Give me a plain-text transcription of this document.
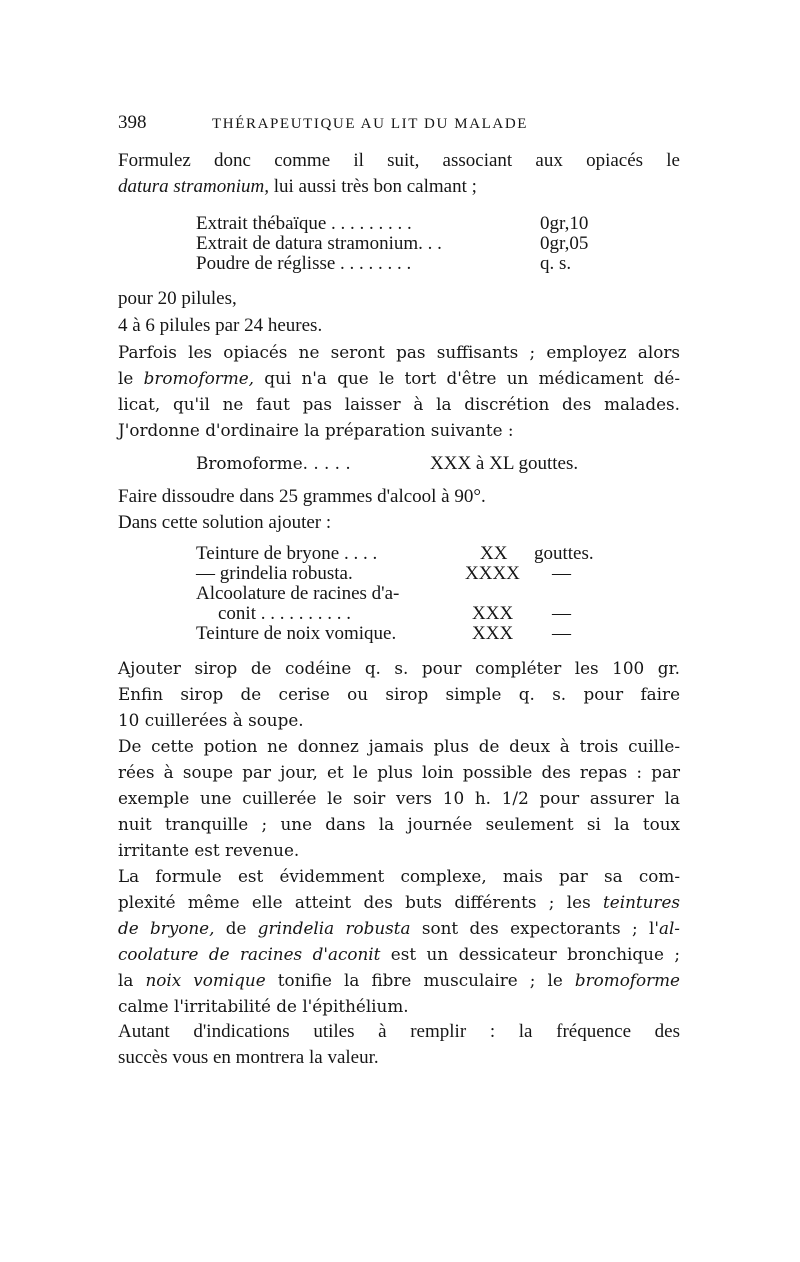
398	THÉRAPEUTIQUE AU LIT DU MALADE
Formulez donc comme il suit, associant aux opiacés le
datura stramonium, lui aussi très bon calmant ;
Extrait thébaïque . . . . . . . . .	0gr,10
Extrait de datura stramonium. . .	0gr,05
Poudre de réglisse . . . . . . . .	q. s.
pour 20 pilules,
4 à 6 pilules par 24 heures.
Parfois les opiacés ne seront pas suffisants ; employez alors
le bromoforme, qui n'a que le tort d'être un médicament dé-
licat, qu'il ne faut pas laisser à la discrétion des malades.
J'ordonne d'ordinaire la préparation suivante :
Bromoforme. . . . .	XXX à XL gouttes.
Faire dissoudre dans 25 grammes d'alcool à 90°.
Dans cette solution ajouter :
Teinture de bryone . . . .	XX gouttes.
— grindelia robusta.	XXXX —
Alcoolature de racines d'a-
conit . . . . . . . . . .	XXX —
Teinture de noix vomique.	XXX —
Ajouter sirop de codéine q. s. pour compléter les 100 gr.
Enfin sirop de cerise ou sirop simple q. s. pour faire
10 cuillerées à soupe.
De cette potion ne donnez jamais plus de deux à trois cuille-
rées à soupe par jour, et le plus loin possible des repas : par
exemple une cuillerée le soir vers 10 h. 1/2 pour assurer la
nuit tranquille ; une dans la journée seulement si la toux
irritante est revenue.
La formule est évidemment complexe, mais par sa com-
plexité même elle atteint des buts différents ; les teintures
de bryone, de grindelia robusta sont des expectorants ; l'al-
coolature de racines d'aconit est un dessicateur bronchique ;
la noix vomique tonifie la fibre musculaire ; le bromoforme
calme l'irritabilité de l'épithélium.
Autant d'indications utiles à remplir : la fréquence des
succès vous en montrera la valeur.
